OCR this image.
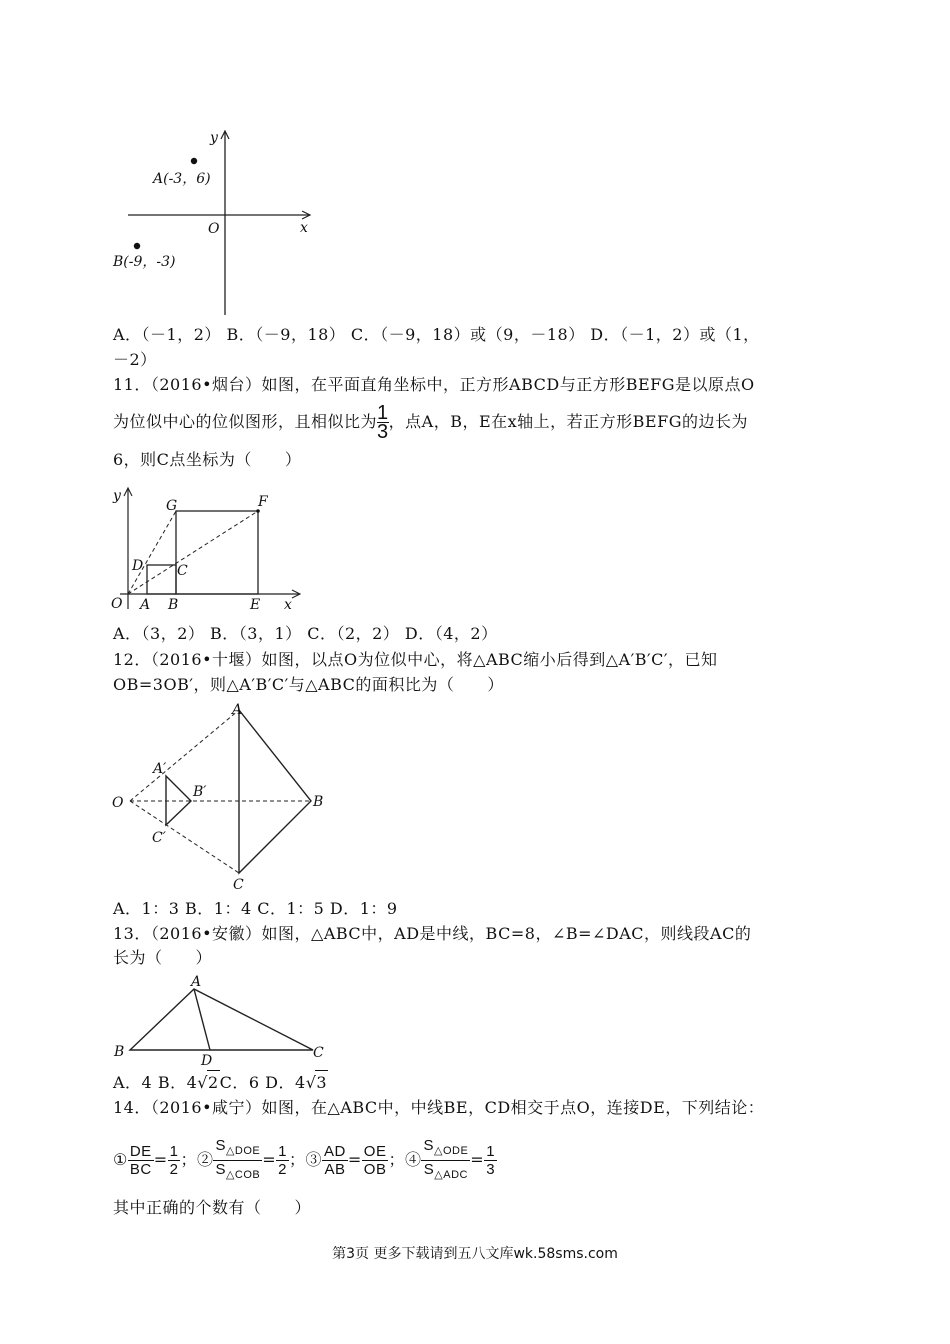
y
x
O
A(-3，6)
B(-9，-3)
A．（－1，2） B．（－9，18） C．（－9，18）或（9，－18） D．（－1，2）或（1，
－2）
11．（2016•烟台）如图，在平面直角坐标中，正方形ABCD与正方形BEFG是以原点O
为位似中心的位似图形，且相似比为 $\frac{1}{3}$ ，点A，B，E在x轴上，若正方形BEFG的边长为
6，则C点坐标为（　　）
y
x
O A B
C
D
E
F
G
A．（3，2） B．（3，1） C．（2，2） D．（4，2）
12．（2016•十堰）如图，以点O为位似中心，将△ABC缩小后得到△A′B′C′，已知
OB=3OB′，则△A′B′C′与△ABC的面积比为（　　）
O
A
B
C
A′
B′
C′
A．1：3 B．1：4 C．1：5 D．1：9
13．（2016•安徽）如图，△ABC中，AD是中线，BC=8，∠B=∠DAC，则线段AC的
长为（　　）
A
B	C
D
A．4 B．4√2C．6 D．4√3
14．（2016•咸宁）如图，在△ABC中，中线BE，CD相交于点O，连接DE，下列结论：
① $\frac{DE}{BC} = \frac{1}{2}$ ；② $\frac{S_{\triangle DOE}}{S_{\triangle COB}} = \frac{1}{2}$ ；③ $\frac{AD}{AB} = \frac{OE}{OB}$ ；④ $\frac{S_{\triangle ODE}}{S_{\triangle ADC}} = \frac{1}{3}$
其中正确的个数有（　　）
第3页 更多下载请到五八文库wk.58sms.com
